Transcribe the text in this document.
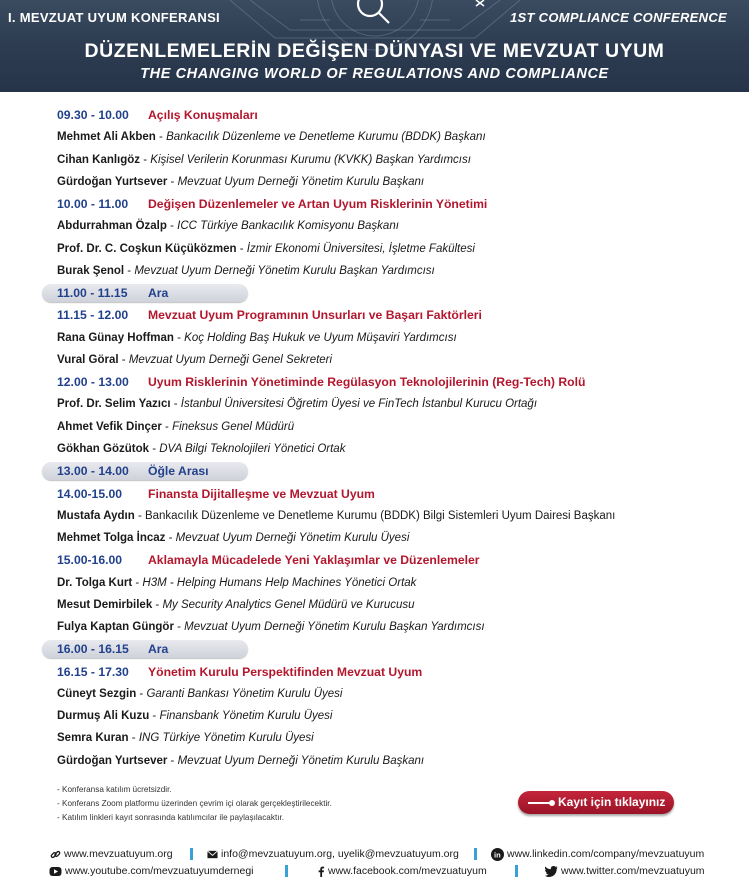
I. MEVZUAT UYUM KONFERANSI	1ST COMPLIANCE CONFERENCE
DÜZENLEMELERİN DEĞİŞEN DÜNYASI VE MEVZUAT UYUM
THE CHANGING WORLD OF REGULATIONS AND COMPLIANCE
09.30 - 10.00 Açılış Konuşmaları
Mehmet Ali Akben - Bankacılık Düzenleme ve Denetleme Kurumu (BDDK) Başkanı
Cihan Kanlıgöz - Kişisel Verilerin Korunması Kurumu (KVKK) Başkan Yardımcısı
Gürdoğan Yurtsever - Mevzuat Uyum Derneği Yönetim Kurulu Başkanı
10.00 - 11.00 Değişen Düzenlemeler ve Artan Uyum Risklerinin Yönetimi
Abdurrahman Özalp - ICC Türkiye Bankacılık Komisyonu Başkanı
Prof. Dr. C. Coşkun Küçüközmen - İzmir Ekonomi Üniversitesi, İşletme Fakültesi
Burak Şenol - Mevzuat Uyum Derneği Yönetim Kurulu Başkan Yardımcısı
11.00 - 11.15 Ara
11.15 - 12.00 Mevzuat Uyum Programının Unsurları ve Başarı Faktörleri
Rana Günay Hoffman - Koç Holding Baş Hukuk ve Uyum Müşaviri Yardımcısı
Vural Göral - Mevzuat Uyum Derneği Genel Sekreteri
12.00 - 13.00 Uyum Risklerinin Yönetiminde Regülasyon Teknolojilerinin (Reg-Tech) Rolü
Prof. Dr. Selim Yazıcı - İstanbul Üniversitesi Öğretim Üyesi ve FinTech İstanbul Kurucu Ortağı
Ahmet Vefik Dinçer - Fineksus Genel Müdürü
Gökhan Gözütok - DVA Bilgi Teknolojileri Yönetici Ortak
13.00 - 14.00 Öğle Arası
14.00-15.00 Finansta Dijitalleşme ve Mevzuat Uyum
Mustafa Aydın - Bankacılık Düzenleme ve Denetleme Kurumu (BDDK) Bilgi Sistemleri Uyum Dairesi Başkanı
Mehmet Tolga İncaz - Mevzuat Uyum Derneği Yönetim Kurulu Üyesi
15.00-16.00 Aklamayla Mücadelede Yeni Yaklaşımlar ve Düzenlemeler
Dr. Tolga Kurt - H3M - Helping Humans Help Machines Yönetici Ortak
Mesut Demirbilek - My Security Analytics Genel Müdürü ve Kurucusu
Fulya Kaptan Güngör - Mevzuat Uyum Derneği Yönetim Kurulu Başkan Yardımcısı
16.00 - 16.15 Ara
16.15 - 17.30 Yönetim Kurulu Perspektifinden Mevzuat Uyum
Cüneyt Sezgin - Garanti Bankası Yönetim Kurulu Üyesi
Durmuş Ali Kuzu - Finansbank Yönetim Kurulu Üyesi
Semra Kuran - ING Türkiye Yönetim Kurulu Üyesi
Gürdoğan Yurtsever - Mevzuat Uyum Derneği Yönetim Kurulu Başkanı
- Konferansa katılım ücretsizdir.
- Konferans Zoom platformu üzerinden çevrim içi olarak gerçekleştirilecektir.
- Katılım linkleri kayıt sonrasında katılımcılar ile paylaşılacaktır.
Kayıt için tıklayınız
www.mevzuatuyum.org	info@mevzuatuyum.org, uyelik@mevzuatuyum.org	in www.linkedin.com/company/mevzuatuyum
www.youtube.com/mevzuatuyumdernegi	www.facebook.com/mevzuatuyum	www.twitter.com/mevzuatuyum
